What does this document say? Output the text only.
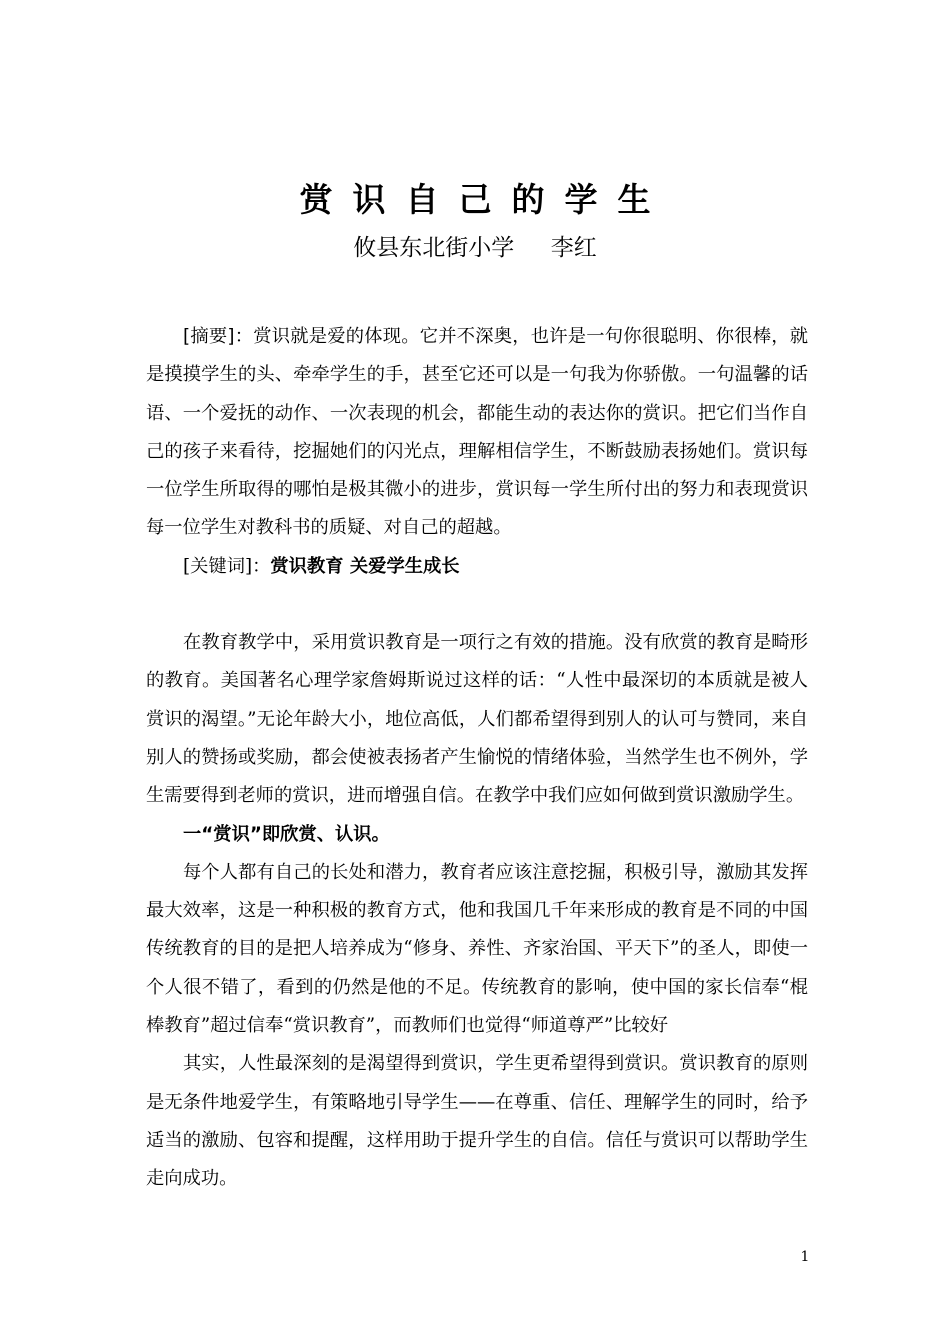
赏识自己的学生
攸县东北街小学     李红

[摘要]：赏识就是爱的体现。它并不深奥，也许是一句你很聪明、你很棒，就是摸摸学生的头、牵牵学生的手，甚至它还可以是一句我为你骄傲。一句温馨的话语、一个爱抚的动作、一次表现的机会，都能生动的表达你的赏识。把它们当作自己的孩子来看待，挖掘她们的闪光点，理解相信学生，不断鼓励表扬她们。赏识每一位学生所取得的哪怕是极其微小的进步，赏识每一学生所付出的努力和表现赏识每一位学生对教科书的质疑、对自己的超越。

[关键词]：赏识教育 关爱学生成长

在教育教学中，采用赏识教育是一项行之有效的措施。没有欣赏的教育是畸形的教育。美国著名心理学家詹姆斯说过这样的话：“人性中最深切的本质就是被人赏识的渴望。”无论年龄大小，地位高低，人们都希望得到别人的认可与赞同，来自别人的赞扬或奖励，都会使被表扬者产生愉悦的情绪体验，当然学生也不例外，学生需要得到老师的赏识，进而增强自信。在教学中我们应如何做到赏识激励学生。

一“赏识”即欣赏、认识。

每个人都有自己的长处和潜力，教育者应该注意挖掘，积极引导，激励其发挥最大效率，这是一种积极的教育方式，他和我国几千年来形成的教育是不同的中国传统教育的目的是把人培养成为“修身、养性、齐家治国、平天下”的圣人，即使一个人很不错了，看到的仍然是他的不足。传统教育的影响，使中国的家长信奉“棍棒教育”超过信奉“赏识教育”，而教师们也觉得“师道尊严”比较好

其实，人性最深刻的是渴望得到赏识，学生更希望得到赏识。赏识教育的原则是无条件地爱学生，有策略地引导学生——在尊重、信任、理解学生的同时，给予适当的激励、包容和提醒，这样用助于提升学生的自信。信任与赏识可以帮助学生走向成功。

1
